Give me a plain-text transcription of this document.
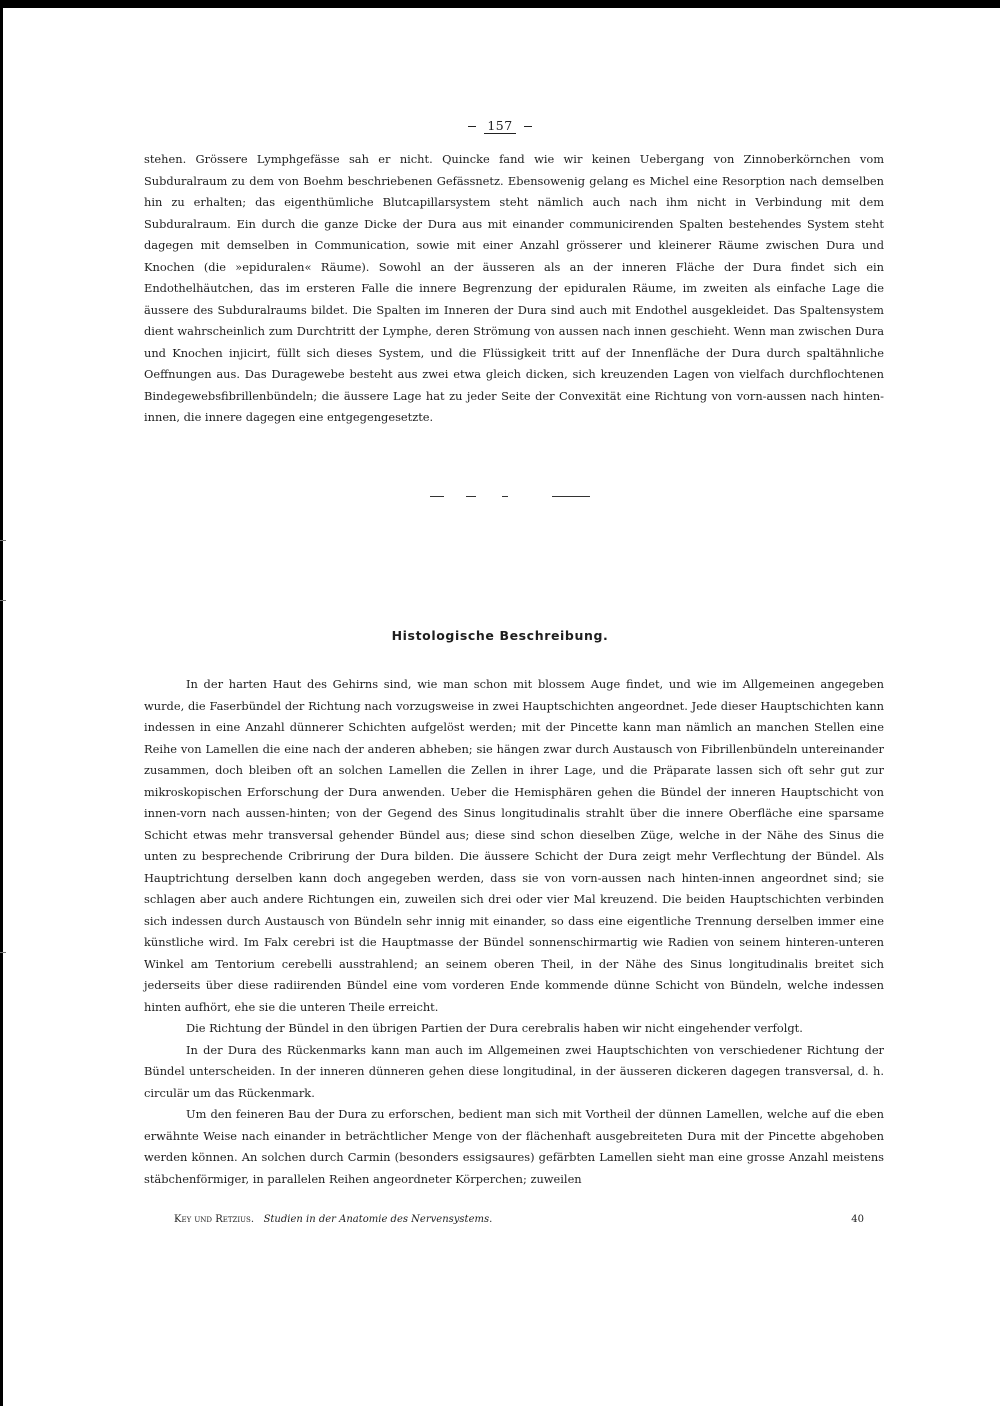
157

stehen. Grössere Lymphgefässe sah er nicht. Quincke fand wie wir keinen Uebergang von Zinnoberkörnchen vom Subduralraum zu dem von Boehm beschriebenen Gefässnetz. Ebensowenig gelang es Michel eine Resorption nach demselben hin zu erhalten; das eigenthümliche Blutcapillarsystem steht nämlich auch nach ihm nicht in Verbindung mit dem Subduralraum. Ein durch die ganze Dicke der Dura aus mit einander communicirenden Spalten bestehendes System steht dagegen mit demselben in Communication, sowie mit einer Anzahl grösserer und kleinerer Räume zwischen Dura und Knochen (die »epiduralen« Räume). Sowohl an der äusseren als an der inneren Fläche der Dura findet sich ein Endothelhäutchen, das im ersteren Falle die innere Begrenzung der epiduralen Räume, im zweiten als einfache Lage die äussere des Subduralraums bildet. Die Spalten im Inneren der Dura sind auch mit Endothel ausgekleidet. Das Spaltensystem dient wahrscheinlich zum Durchtritt der Lymphe, deren Strömung von aussen nach innen geschieht. Wenn man zwischen Dura und Knochen injicirt, füllt sich dieses System, und die Flüssigkeit tritt auf der Innenfläche der Dura durch spaltähnliche Oeffnungen aus. Das Duragewebe besteht aus zwei etwa gleich dicken, sich kreuzenden Lagen von vielfach durchflochtenen Bindegewebsfibrillenbündeln; die äussere Lage hat zu jeder Seite der Convexität eine Richtung von vorn-aussen nach hinten-innen, die innere dagegen eine entgegengesetzte.

Histologische Beschreibung.

In der harten Haut des Gehirns sind, wie man schon mit blossem Auge findet, und wie im Allgemeinen angegeben wurde, die Faserbündel der Richtung nach vorzugsweise in zwei Hauptschichten angeordnet. Jede dieser Hauptschichten kann indessen in eine Anzahl dünnerer Schichten aufgelöst werden; mit der Pincette kann man nämlich an manchen Stellen eine Reihe von Lamellen die eine nach der anderen abheben; sie hängen zwar durch Austausch von Fibrillenbündeln untereinander zusammen, doch bleiben oft an solchen Lamellen die Zellen in ihrer Lage, und die Präparate lassen sich oft sehr gut zur mikroskopischen Erforschung der Dura anwenden. Ueber die Hemisphären gehen die Bündel der inneren Hauptschicht von innen-vorn nach aussen-hinten; von der Gegend des Sinus longitudinalis strahlt über die innere Oberfläche eine sparsame Schicht etwas mehr transversal gehender Bündel aus; diese sind schon dieselben Züge, welche in der Nähe des Sinus die unten zu besprechende Cribrirung der Dura bilden. Die äussere Schicht der Dura zeigt mehr Verflechtung der Bündel. Als Hauptrichtung derselben kann doch angegeben werden, dass sie von vorn-aussen nach hinten-innen angeordnet sind; sie schlagen aber auch andere Richtungen ein, zuweilen sich drei oder vier Mal kreuzend. Die beiden Hauptschichten verbinden sich indessen durch Austausch von Bündeln sehr innig mit einander, so dass eine eigentliche Trennung derselben immer eine künstliche wird. Im Falx cerebri ist die Hauptmasse der Bündel sonnenschirmartig wie Radien von seinem hinteren-unteren Winkel am Tentorium cerebelli ausstrahlend; an seinem oberen Theil, in der Nähe des Sinus longitudinalis breitet sich jederseits über diese radiirenden Bündel eine vom vorderen Ende kommende dünne Schicht von Bündeln, welche indessen hinten aufhört, ehe sie die unteren Theile erreicht.

Die Richtung der Bündel in den übrigen Partien der Dura cerebralis haben wir nicht eingehender verfolgt.

In der Dura des Rückenmarks kann man auch im Allgemeinen zwei Hauptschichten von verschiedener Richtung der Bündel unterscheiden. In der inneren dünneren gehen diese longitudinal, in der äusseren dickeren dagegen transversal, d. h. circulär um das Rückenmark.

Um den feineren Bau der Dura zu erforschen, bedient man sich mit Vortheil der dünnen Lamellen, welche auf die eben erwähnte Weise nach einander in beträchtlicher Menge von der flächenhaft ausgebreiteten Dura mit der Pincette abgehoben werden können. An solchen durch Carmin (besonders essigsaures) gefärbten Lamellen sieht man eine grosse Anzahl meistens stäbchenförmiger, in parallelen Reihen angeordneter Körperchen; zuweilen

Key und Retzius. Studien in der Anatomie des Nervensystems.	40
